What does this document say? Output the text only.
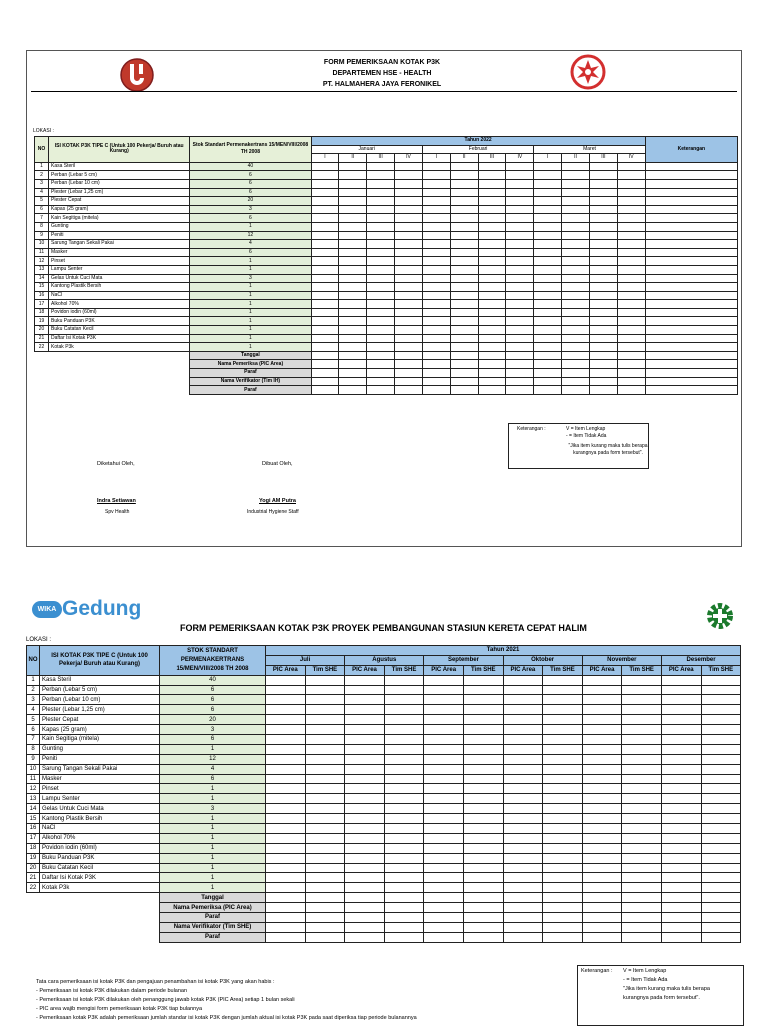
FORM PEMERIKSAAN KOTAK P3K
DEPARTEMEN HSE - HEALTH
PT. HALMAHERA JAYA FERONIKEL
LOKASI :
Diketahui Oleh,
Indra Setiawan
Spv Health
Dibuat Oleh,
Yogi AM Putra
Industrial Hygiene Staff
Keterangan :	V = Item Lengkap
- = Item Tidak Ada
"Jika item kurang maka tulis berapa kurangnya pada form tersebut".
NO	ISI KOTAK P3K TIPE C (Untuk 100 Pekerja/ Buruh atau Kurang)	Stok Standart Permenakertrans 15/MEN/VIII/2008 TH 2008	Tahun 2022												Keterangan
			Januari				Februari				Maret				
			I	II	III	IV	I	II	III	IV	I	II	III	IV	
1	Kasa Steril	40													
2	Perban (Lebar 5 cm)	6													
3	Perban (Lebar 10 cm)	6													
4	Plester (Lebar 1,25 cm)	6													
5	Plester Cepat	20													
6	Kapas (25 gram)	3													
7	Kain Segitiga (mitela)	6													
8	Gunting	1													
9	Peniti	12													
10	Sarung Tangan Sekali Pakai	4													
11	Masker	6													
12	Pinset	1													
13	Lampu Senter	1													
14	Gelas Untuk Cuci Mata	3													
15	Kantong Plastik Bersih	1													
16	NaCl	1													
17	Alkohol 70%	1													
18	Povidon iodin (60ml)	1													
19	Buku Panduan P3K	1													
20	Buku Catatan Kecil	1													
21	Daftar Isi Kotak P3K	1													
22	Kotak P3k	1													
		Tanggal													
		Nama Pemeriksa (PIC Area)													
		Paraf													
		Nama Verifikator (Tim IH)													
		Paraf													
WIKA Gedung
FORM PEMERIKSAAN KOTAK P3K PROYEK PEMBANGUNAN STASIUN KERETA CEPAT HALIM
LOKASI :
NO	ISI KOTAK P3K TIPE C (Untuk 100 Pekerja/ Buruh atau Kurang)	STOK STANDART PERMENAKERTRANS 15/MEN/VIII/2008 TH 2008	Tahun 2021											
			Juli		Agustus		September		Oktober		November		Desember	
			PIC Area	Tim SHE	PIC Area	Tim SHE	PIC Area	Tim SHE	PIC Area	Tim SHE	PIC Area	Tim SHE	PIC Area	Tim SHE
1	Kasa Steril	40												
2	Perban (Lebar 5 cm)	6												
3	Perban (Lebar 10 cm)	6												
4	Plester (Lebar 1,25 cm)	6												
5	Plester Cepat	20												
6	Kapas (25 gram)	3												
7	Kain Segitiga (mitela)	6												
8	Gunting	1												
9	Peniti	12												
10	Sarung Tangan Sekali Pakai	4												
11	Masker	6												
12	Pinset	1												
13	Lampu Senter	1												
14	Gelas Untuk Cuci Mata	3												
15	Kantong Plastik Bersih	1												
16	NaCl	1												
17	Alkohol 70%	1												
18	Povidon iodin (60ml)	1												
19	Buku Panduan P3K	1												
20	Buku Catatan Kecil	1												
21	Daftar Isi Kotak P3K	1												
22	Kotak P3k	1												
		Tanggal												
		Nama Pemeriksa (PIC Area)												
		Paraf												
		Nama Verifikator (Tim SHE)												
		Paraf												
Tata cara pemeriksaan isi kotak P3K dan pengajuan penambahan isi kotak P3K yang akan habis :
- Pemeriksaan isi kotak P3K dilakukan dalam periode bulanan
- Pemeriksaan isi kotak P3K dilakukan oleh penanggung jawab kotak P3K (PIC Area) setiap 1 bulan sekali
- PIC area wajib mengisi form pemeriksaan kotak P3K tiap bulannya
- Pemeriksaan kotak P3K adalah pemeriksaan jumlah standar isi kotak P3K dengan jumlah aktual isi kotak P3K pada saat diperiksa tiap periode bulanannya
Keterangan : V = Item Lengkap
- = Item Tidak Ada
"Jika item kurang maka tulis berapa kurangnya pada form tersebut".
